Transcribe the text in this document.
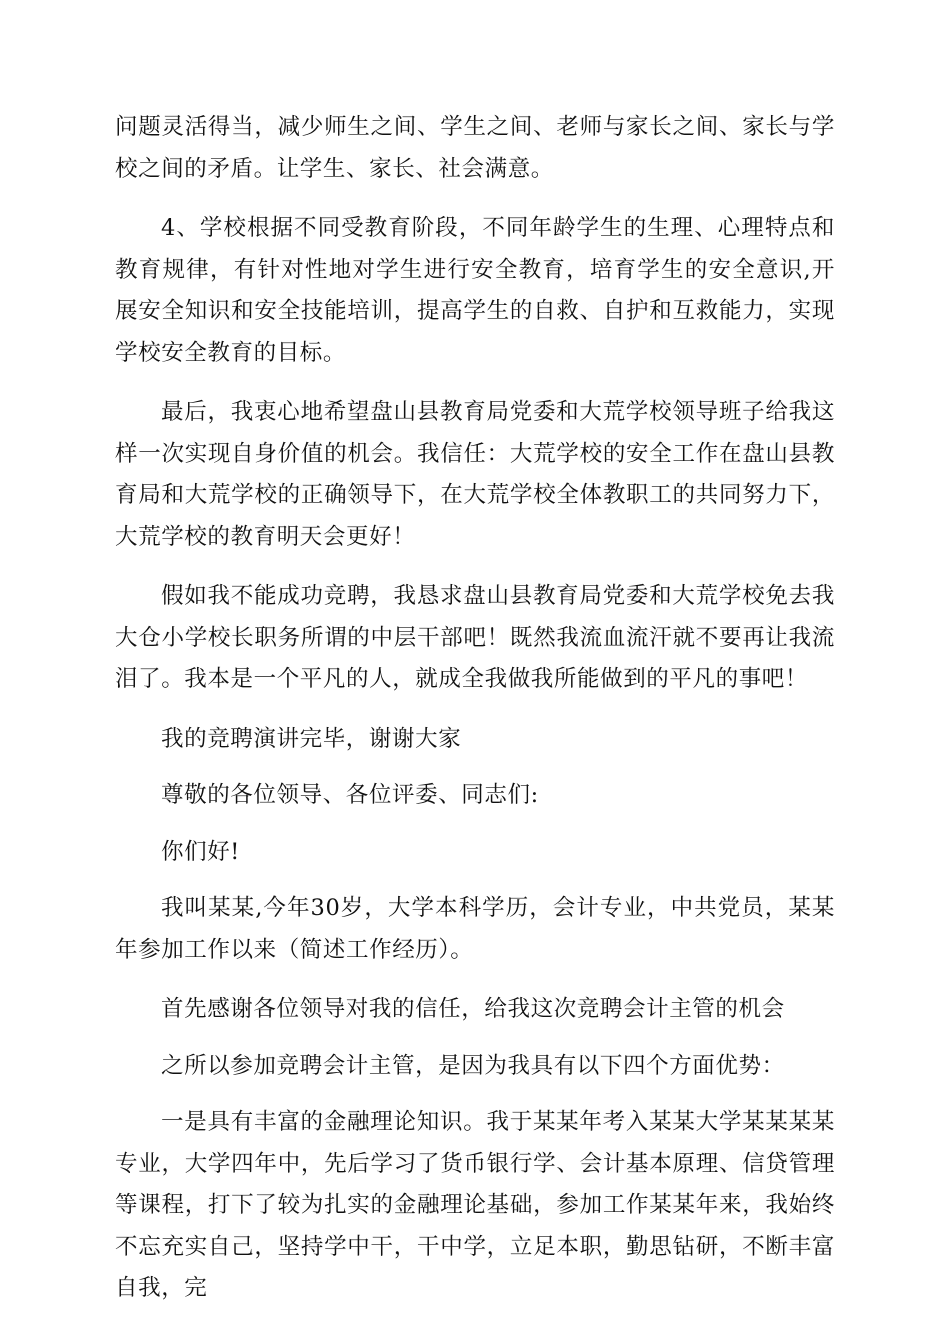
问题灵活得当，减少师生之间、学生之间、老师与家长之间、家长与学校之间的矛盾。让学生、家长、社会满意。

4、学校根据不同受教育阶段，不同年龄学生的生理、心理特点和教育规律，有针对性地对学生进行安全教育，培育学生的安全意识,开展安全知识和安全技能培训，提高学生的自救、自护和互救能力，实现学校安全教育的目标。

最后，我衷心地希望盘山县教育局党委和大荒学校领导班子给我这样一次实现自身价值的机会。我信任：大荒学校的安全工作在盘山县教育局和大荒学校的正确领导下，在大荒学校全体教职工的共同努力下，大荒学校的教育明天会更好！

假如我不能成功竞聘，我恳求盘山县教育局党委和大荒学校免去我大仓小学校长职务所谓的中层干部吧！既然我流血流汗就不要再让我流泪了。我本是一个平凡的人，就成全我做我所能做到的平凡的事吧！

我的竞聘演讲完毕，谢谢大家

尊敬的各位领导、各位评委、同志们:

你们好!

我叫某某,今年30岁，大学本科学历，会计专业，中共党员，某某年参加工作以来（简述工作经历）。

首先感谢各位领导对我的信任，给我这次竞聘会计主管的机会

之所以参加竞聘会计主管，是因为我具有以下四个方面优势：

一是具有丰富的金融理论知识。我于某某年考入某某大学某某某某专业，大学四年中，先后学习了货币银行学、会计基本原理、信贷管理等课程，打下了较为扎实的金融理论基础，参加工作某某年来，我始终不忘充实自己，坚持学中干，干中学，立足本职，勤思钻研，不断丰富自我，完
